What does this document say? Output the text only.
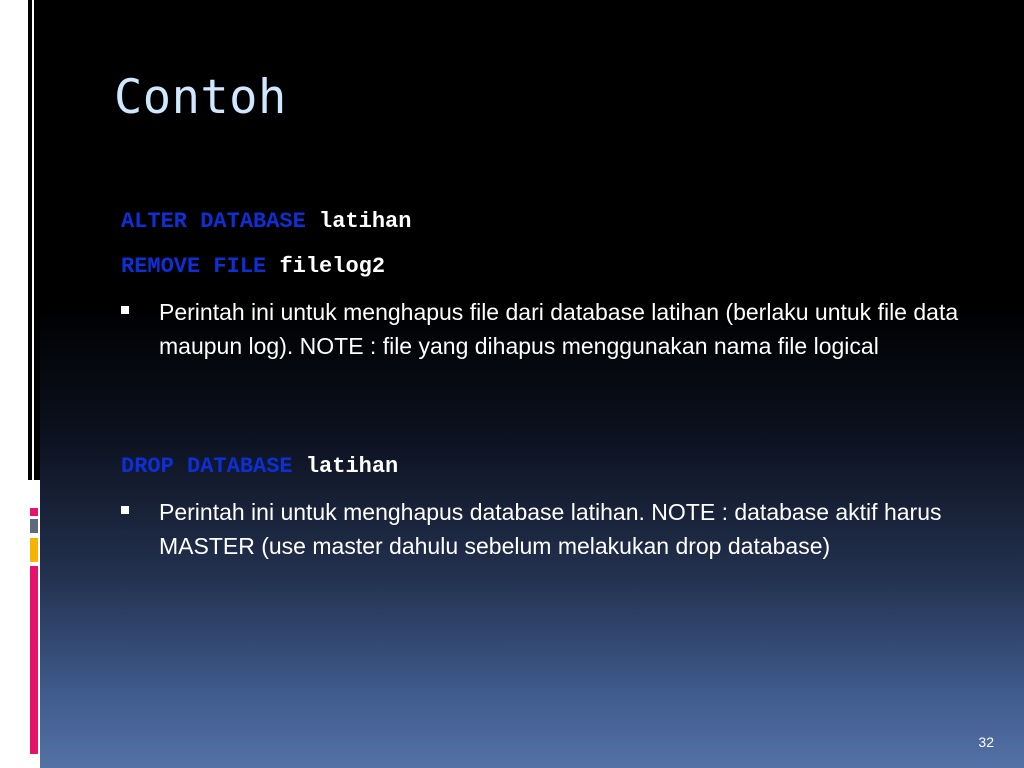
Contoh
ALTER DATABASE latihan
REMOVE FILE filelog2
Perintah ini untuk menghapus file dari database latihan (berlaku untuk file data maupun log). NOTE : file yang dihapus menggunakan nama file logical
DROP DATABASE latihan
Perintah ini untuk menghapus database latihan. NOTE : database aktif harus MASTER (use master dahulu sebelum melakukan drop database)
32
